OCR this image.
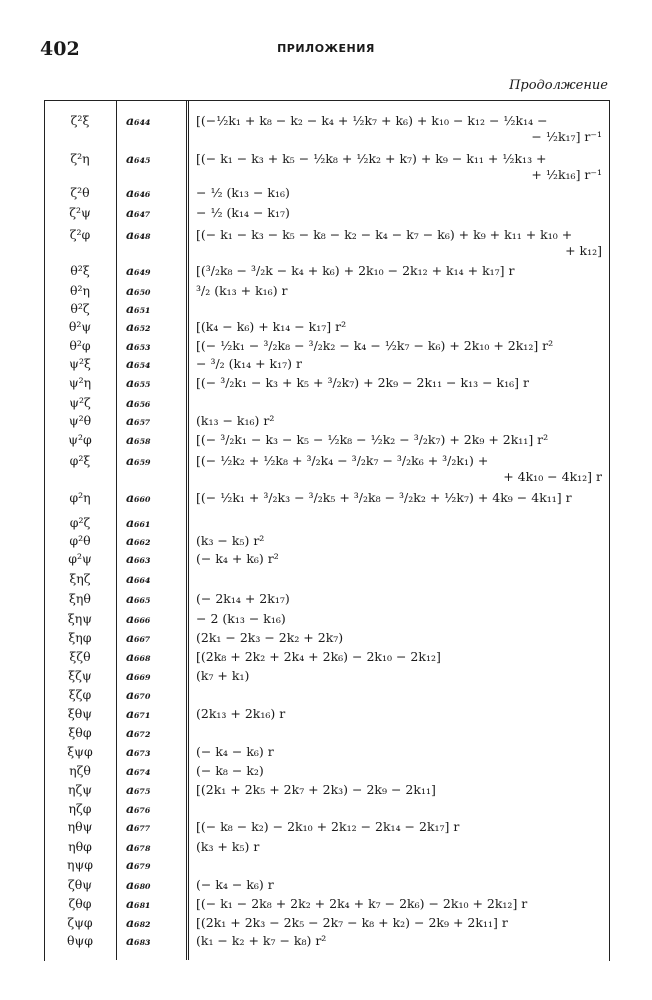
402	ПРИЛОЖЕНИЯ
Продолжение
ζ²ξ	a₆₄₄	[(−½k₁ + k₈ − k₂ − k₄ + ½k₇ + k₆) + k₁₀ − k₁₂ − ½k₁₄ −
− ½k₁₇] r⁻¹
ζ²η	a₆₄₅	[(− k₁ − k₃ + k₅ − ½k₈ + ½k₂ + k₇) + k₉ − k₁₁ + ½k₁₃ +
+ ½k₁₆] r⁻¹
ζ²θ	a₆₄₆	− ½ (k₁₃ − k₁₆)
ζ²ψ	a₆₄₇	− ½ (k₁₄ − k₁₇)
ζ²φ	a₆₄₈	[(− k₁ − k₃ − k₅ − k₈ − k₂ − k₄ − k₇ − k₆) + k₉ + k₁₁ + k₁₀ +
+ k₁₂]
θ²ξ	a₆₄₉	[(³/₂k₈ − ³/₂k − k₄ + k₆) + 2k₁₀ − 2k₁₂ + k₁₄ + k₁₇] r
θ²η	a₆₅₀	³/₂ (k₁₃ + k₁₆) r
θ²ζ	a₆₅₁
θ²ψ	a₆₅₂	[(k₄ − k₆) + k₁₄ − k₁₇] r²
θ²φ	a₆₅₃	[(− ½k₁ − ³/₂k₈ − ³/₂k₂ − k₄ − ½k₇ − k₆) + 2k₁₀ + 2k₁₂] r²
ψ²ξ	a₆₅₄	− ³/₂ (k₁₄ + k₁₇) r
ψ²η	a₆₅₅	[(− ³/₂k₁ − k₃ + k₅ + ³/₂k₇) + 2k₉ − 2k₁₁ − k₁₃ − k₁₆] r
ψ²ζ	a₆₅₆
ψ²θ	a₆₅₇	(k₁₃ − k₁₆) r²
ψ²φ	a₆₅₈	[(− ³/₂k₁ − k₃ − k₅ − ½k₈ − ½k₂ − ³/₂k₇) + 2k₉ + 2k₁₁] r²
φ²ξ	a₆₅₉	[(− ½k₂ + ½k₈ + ³/₂k₄ − ³/₂k₇ − ³/₂k₆ + ³/₂k₁) +
+ 4k₁₀ − 4k₁₂] r
φ²η	a₆₆₀	[(− ½k₁ + ³/₂k₃ − ³/₂k₅ + ³/₂k₈ − ³/₂k₂ + ½k₇) + 4k₉ − 4k₁₁] r
φ²ζ	a₆₆₁
φ²θ	a₆₆₂	(k₃ − k₅) r²
φ²ψ	a₆₆₃	(− k₄ + k₆) r²
ξηζ	a₆₆₄
ξηθ	a₆₆₅	(− 2k₁₄ + 2k₁₇)
ξηψ	a₆₆₆	− 2 (k₁₃ − k₁₆)
ξηφ	a₆₆₇	(2k₁ − 2k₃ − 2k₂ + 2k₇)
ξζθ	a₆₆₈	[(2k₈ + 2k₂ + 2k₄ + 2k₆) − 2k₁₀ − 2k₁₂]
ξζψ	a₆₆₉	(k₇ + k₁)
ξζφ	a₆₇₀
ξθψ	a₆₇₁	(2k₁₃ + 2k₁₆) r
ξθφ	a₆₇₂
ξψφ	a₆₇₃	(− k₄ − k₆) r
ηζθ	a₆₇₄	(− k₈ − k₂)
ηζψ	a₆₇₅	[(2k₁ + 2k₅ + 2k₇ + 2k₃) − 2k₉ − 2k₁₁]
ηζφ	a₆₇₆
ηθψ	a₆₇₇	[(− k₈ − k₂) − 2k₁₀ + 2k₁₂ − 2k₁₄ − 2k₁₇] r
ηθφ	a₆₇₈	(k₃ + k₅) r
ηψφ	a₆₇₉
ζθψ	a₆₈₀	(− k₄ − k₆) r
ζθφ	a₆₈₁	[(− k₁ − 2k₈ + 2k₂ + 2k₄ + k₇ − 2k₆) − 2k₁₀ + 2k₁₂] r
ζψφ	a₆₈₂	[(2k₁ + 2k₃ − 2k₅ − 2k₇ − k₈ + k₂) − 2k₉ + 2k₁₁] r
θψφ	a₆₈₃	(k₁ − k₂ + k₇ − k₈) r²
